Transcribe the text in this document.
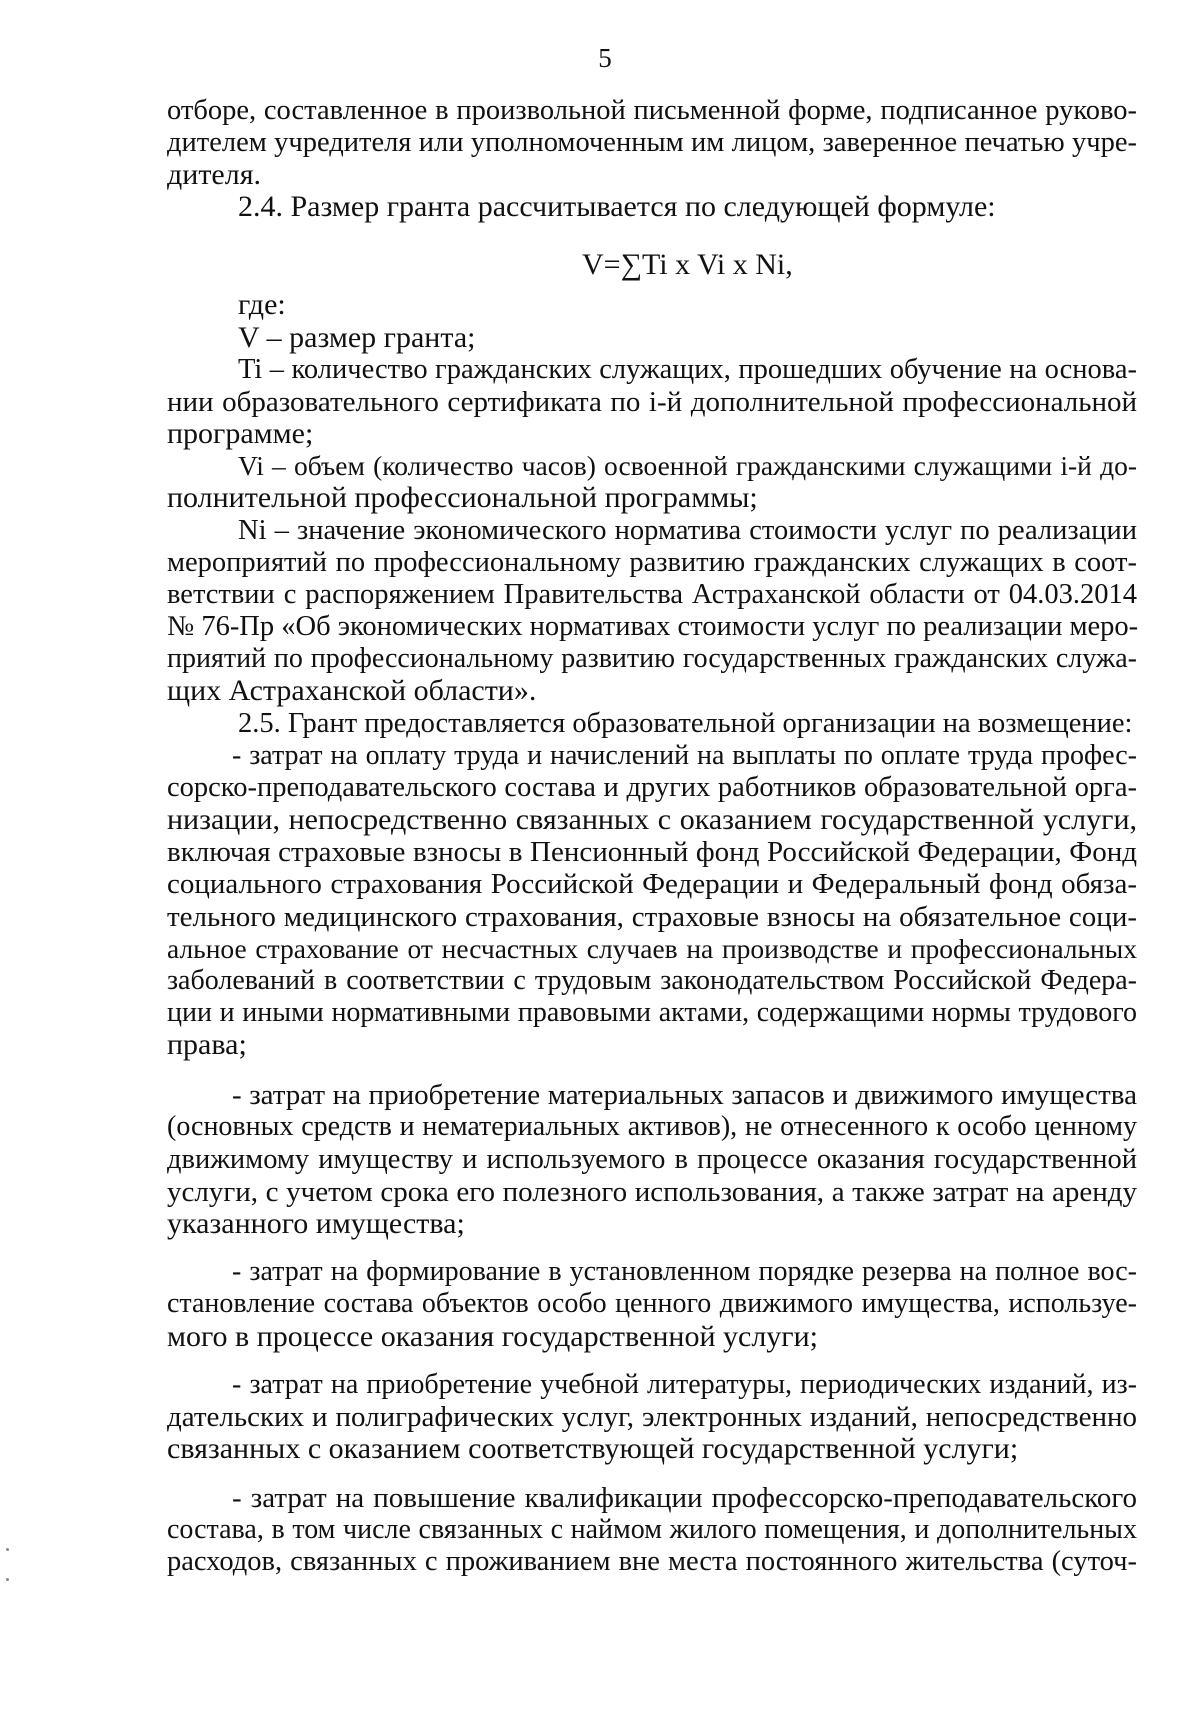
5
отборе, составленное в произвольной письменной форме, подписанное руково-
дителем учредителя или уполномоченным им лицом, заверенное печатью учре-
дителя.
2.4. Размер гранта рассчитывается по следующей формуле:
V=∑Ti x Vi x Ni,
где:
V – размер гранта;
Ti – количество гражданских служащих, прошедших обучение на основа-
нии образовательного сертификата по i-й дополнительной профессиональной
программе;
Vi – объем (количество часов) освоенной гражданскими служащими i-й до-
полнительной профессиональной программы;
Ni – значение экономического норматива стоимости услуг по реализации
мероприятий по профессиональному развитию гражданских служащих в соот-
ветствии с распоряжением Правительства Астраханской области от 04.03.2014
№ 76-Пр «Об экономических нормативах стоимости услуг по реализации меро-
приятий по профессиональному развитию государственных гражданских служа-
щих Астраханской области».
2.5. Грант предоставляется образовательной организации на возмещение:
- затрат на оплату труда и начислений на выплаты по оплате труда профес-
сорско-преподавательского состава и других работников образовательной орга-
низации, непосредственно связанных с оказанием государственной услуги,
включая страховые взносы в Пенсионный фонд Российской Федерации, Фонд
социального страхования Российской Федерации и Федеральный фонд обяза-
тельного медицинского страхования, страховые взносы на обязательное соци-
альное страхование от несчастных случаев на производстве и профессиональных
заболеваний в соответствии с трудовым законодательством Российской Федера-
ции и иными нормативными правовыми актами, содержащими нормы трудового
права;
- затрат на приобретение материальных запасов и движимого имущества
(основных средств и нематериальных активов), не отнесенного к особо ценному
движимому имуществу и используемого в процессе оказания государственной
услуги, с учетом срока его полезного использования, а также затрат на аренду
указанного имущества;
- затрат на формирование в установленном порядке резерва на полное вос-
становление состава объектов особо ценного движимого имущества, используе-
мого в процессе оказания государственной услуги;
- затрат на приобретение учебной литературы, периодических изданий, из-
дательских и полиграфических услуг, электронных изданий, непосредственно
связанных с оказанием соответствующей государственной услуги;
- затрат на повышение квалификации профессорско-преподавательского
состава, в том числе связанных с наймом жилого помещения, и дополнительных
расходов, связанных с проживанием вне места постоянного жительства (суточ-
